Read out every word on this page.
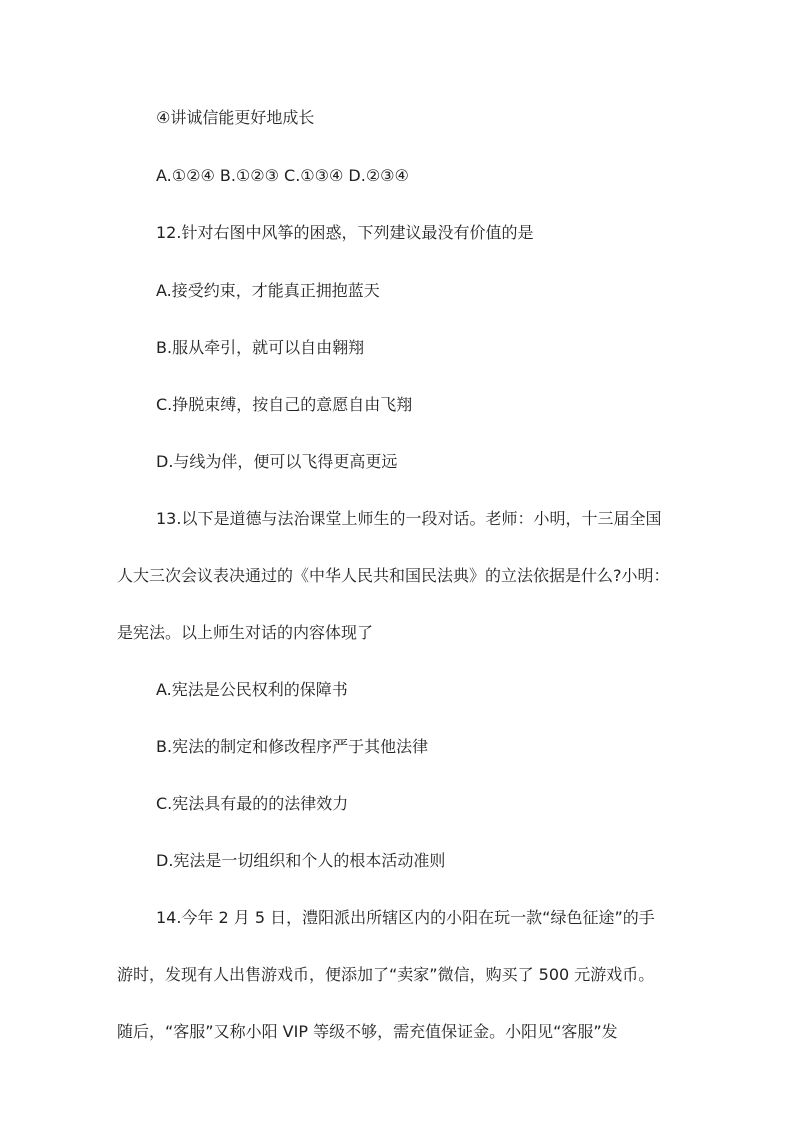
④讲诚信能更好地成长
A.①②④ B.①②③ C.①③④ D.②③④
12.针对右图中风筝的困惑，下列建议最没有价值的是
A.接受约束，才能真正拥抱蓝天
B.服从牵引，就可以自由翱翔
C.挣脱束缚，按自己的意愿自由飞翔
D.与线为伴，便可以飞得更高更远
13.以下是道德与法治课堂上师生的一段对话。老师：小明，十三届全国
人大三次会议表决通过的《中华人民共和国民法典》的立法依据是什么?小明：
是宪法。以上师生对话的内容体现了
A.宪法是公民权利的保障书
B.宪法的制定和修改程序严于其他法律
C.宪法具有最的的法律效力
D.宪法是一切组织和个人的根本活动准则
14.今年 2 月 5 日，澧阳派出所辖区内的小阳在玩一款“绿色征途”的手
游时，发现有人出售游戏币，便添加了“卖家”微信，购买了 500 元游戏币。
随后，“客服”又称小阳 VIP 等级不够，需充值保证金。小阳见“客服”发
